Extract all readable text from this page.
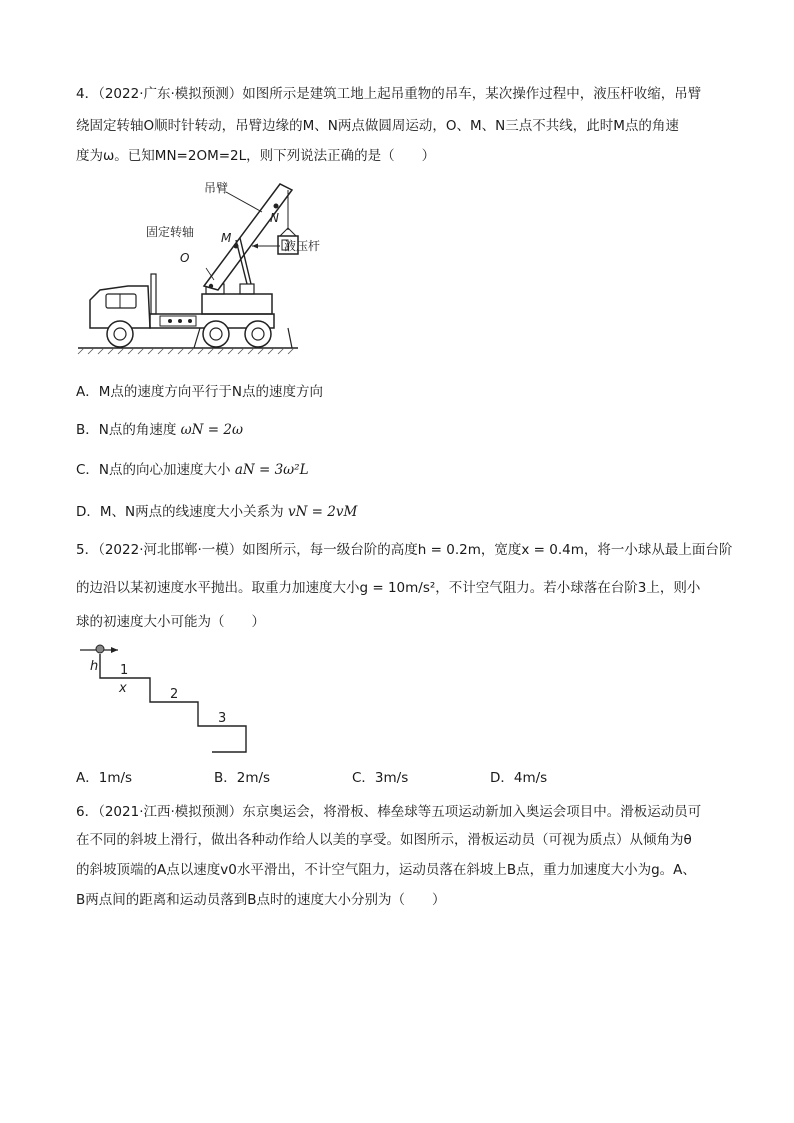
4．（2022·广东·模拟预测）如图所示是建筑工地上起吊重物的吊车，某次操作过程中，液压杆收缩，吊臂
绕固定转轴O顺时针转动，吊臂边缘的M、N两点做圆周运动，O、M、N三点不共线，此时M点的角速
度为ω。已知MN=2OM=2L，则下列说法正确的是（　　）
吊臂
固定转轴
液压杆
M
N
O
A．M点的速度方向平行于N点的速度方向
B．N点的角速度 ωN = 2ω
C．N点的向心加速度大小 aN = 3ω²L
D．M、N两点的线速度大小关系为 vN = 2vM
5．（2022·河北邯郸·一模）如图所示，每一级台阶的高度h = 0.2m，宽度x = 0.4m，将一小球从最上面台阶
的边沿以某初速度水平抛出。取重力加速度大小g = 10m/s²，不计空气阻力。若小球落在台阶3上，则小
球的初速度大小可能为（　　）
h
x
1
2
3
A．1m/s	B．2m/s	C．3m/s	D．4m/s
6．（2021·江西·模拟预测）东京奥运会，将滑板、棒垒球等五项运动新加入奥运会项目中。滑板运动员可
在不同的斜坡上滑行，做出各种动作给人以美的享受。如图所示，滑板运动员（可视为质点）从倾角为θ
的斜坡顶端的A点以速度v0水平滑出，不计空气阻力，运动员落在斜坡上B点，重力加速度大小为g。A、
B两点间的距离和运动员落到B点时的速度大小分别为（　　）
